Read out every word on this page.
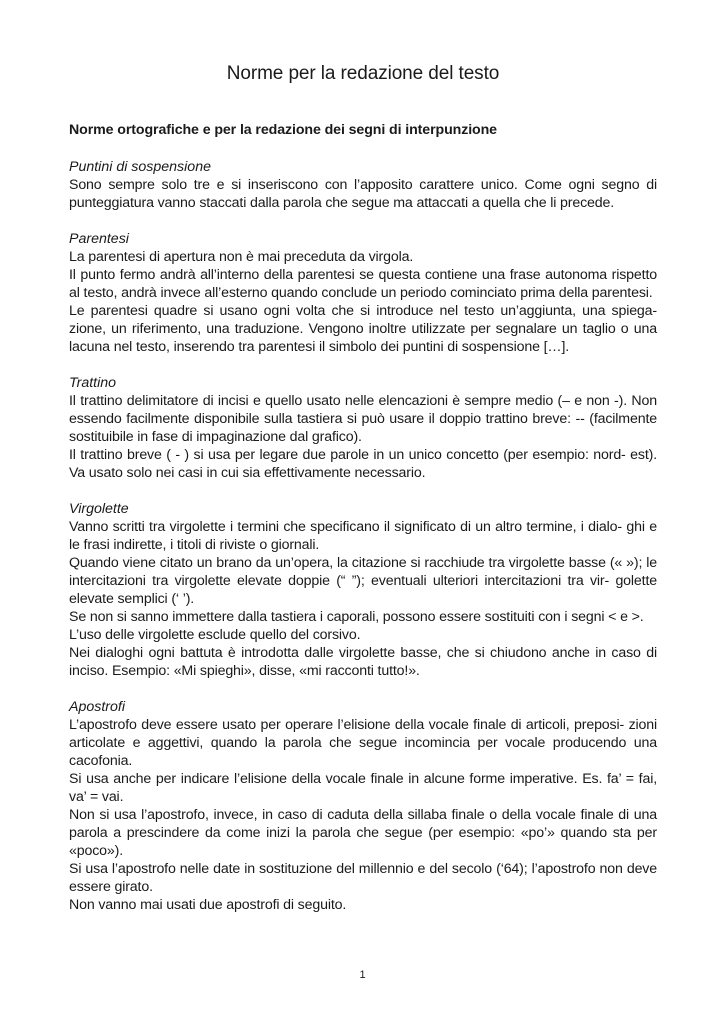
Norme per la redazione del testo
Norme ortografiche e per la redazione dei segni di interpunzione
Puntini di sospensione

Sono sempre solo tre e si inseriscono con l’apposito carattere unico. Come ogni segno di punteggiatura vanno staccati dalla parola che segue ma attaccati a quella che li precede.

Parentesi

La parentesi di apertura non è mai preceduta da virgola.

Il punto fermo andrà all’interno della parentesi se questa contiene una frase autonoma rispetto al testo, andrà invece all’esterno quando conclude un periodo cominciato prima della parentesi.

Le parentesi quadre si usano ogni volta che si introduce nel testo un’aggiunta, una spiega- zione, un riferimento, una traduzione. Vengono inoltre utilizzate per segnalare un taglio o una lacuna nel testo, inserendo tra parentesi il simbolo dei puntini di sospensione […].

Trattino

Il trattino delimitatore di incisi e quello usato nelle elencazioni è sempre medio (– e non -). Non essendo facilmente disponibile sulla tastiera si può usare il doppio trattino breve: -- (facilmente sostituibile in fase di impaginazione dal grafico).

Il trattino breve ( - ) si usa per legare due parole in un unico concetto (per esempio: nord- est). Va usato solo nei casi in cui sia effettivamente necessario.

Virgolette

Vanno scritti tra virgolette i termini che specificano il significato di un altro termine, i dialo- ghi e le frasi indirette, i titoli di riviste o giornali.

Quando viene citato un brano da un’opera, la citazione si racchiude tra virgolette basse (« »); le intercitazioni tra virgolette elevate doppie (“ ”); eventuali ulteriori intercitazioni tra vir- golette elevate semplici (‘ ’).

Se non si sanno immettere dalla tastiera i caporali, possono essere sostituiti con i segni < e >.

L’uso delle virgolette esclude quello del corsivo.

Nei dialoghi ogni battuta è introdotta dalle virgolette basse, che si chiudono anche in caso di inciso. Esempio: «Mi spieghi», disse, «mi racconti tutto!».

Apostrofi

L’apostrofo deve essere usato per operare l’elisione della vocale finale di articoli, preposi- zioni articolate e aggettivi, quando la parola che segue incomincia per vocale producendo una cacofonia.

Si usa anche per indicare l’elisione della vocale finale in alcune forme imperative. Es. fa’ = fai, va’ = vai.

Non si usa l’apostrofo, invece, in caso di caduta della sillaba finale o della vocale finale di una parola a prescindere da come inizi la parola che segue (per esempio: «po’» quando sta per «poco»).

Si usa l’apostrofo nelle date in sostituzione del millennio e del secolo (‘64); l’apostrofo non deve essere girato.

Non vanno mai usati due apostrofi di seguito.

1
